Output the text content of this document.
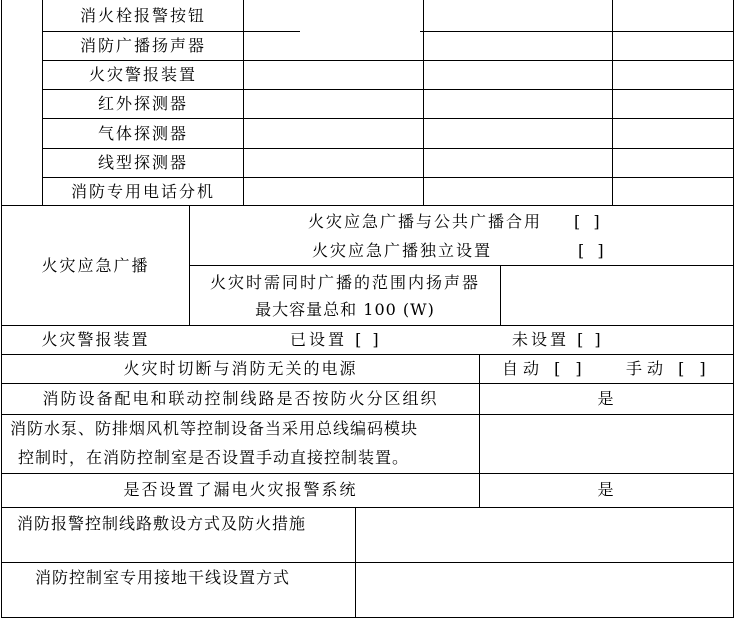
消火栓报警按钮
消防广播扬声器
火灾警报装置
红外探测器
气体探测器
线型探测器
消防专用电话分机
火灾应急广播
火灾应急广播与公共广播合用 [ ]
火灾应急广播独立设置	[ ]
火灾时需同时广播的范围内扬声器
最大容量总和 100 (W)
火灾警报装置	已设置 [ ]	未设置 [ ]
火灾时切断与消防无关的电源	自动 [ ] 手动 [ ]
消防设备配电和联动控制线路是否按防火分区组织	是
消防水泵、防排烟风机等控制设备当采用总线编码模块
控制时，在消防控制室是否设置手动直接控制装置。
是否设置了漏电火灾报警系统	是
消防报警控制线路敷设方式及防火措施
消防控制室专用接地干线设置方式
